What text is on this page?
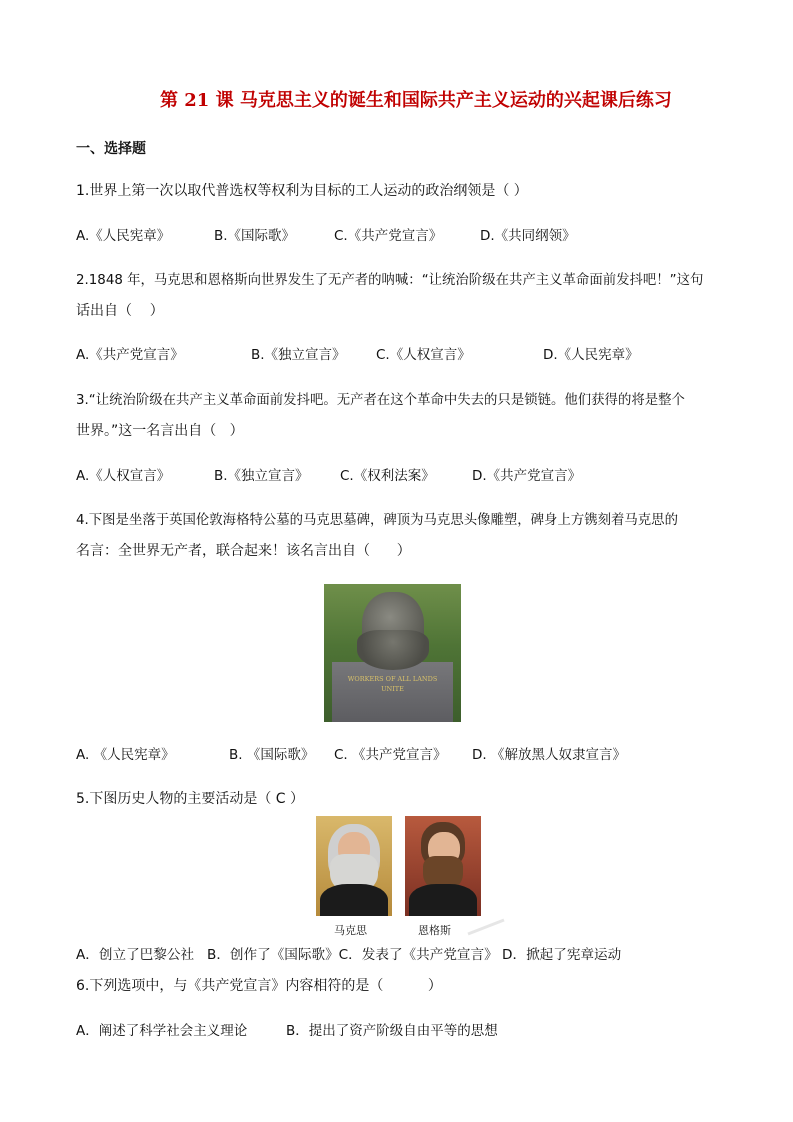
第 21 课 马克思主义的诞生和国际共产主义运动的兴起课后练习
一、选择题
1.世界上第一次以取代普选权等权利为目标的工人运动的政治纲领是（ ）
A.《人民宪章》	B.《国际歌》	C.《共产党宣言》	D.《共同纲领》
2.1848 年，马克思和恩格斯向世界发生了无产者的呐喊：“让统治阶级在共产主义革命面前发抖吧！”这句
话出自（    ）
A.《共产党宣言》	B.《独立宣言》 C.《人权宣言》	D.《人民宪章》
3.“让统治阶级在共产主义革命面前发抖吧。无产者在这个革命中失去的只是锁链。他们获得的将是整个
世界。”这一名言出自（   ）
A.《人权宣言》	B.《独立宣言》 C.《权利法案》	D.《共产党宣言》
4.下图是坐落于英国伦敦海格特公墓的马克思墓碑，碑顶为马克思头像雕塑，碑身上方镌刻着马克思的
名言：全世界无产者，联合起来！该名言出自（      ）
WORKERS OF ALL LANDS
UNITE
A. 《人民宪章》	B. 《国际歌》 C. 《共产党宣言》 D. 《解放黑人奴隶宣言》
5.下图历史人物的主要活动是（ C ）
马克思	恩格斯
A．创立了巴黎公社   B．创作了《国际歌》C．发表了《共产党宣言》 D．掀起了宪章运动
6.下列选项中，与《共产党宣言》内容相符的是（          ）
A．阐述了科学社会主义理论	B．提出了资产阶级自由平等的思想
